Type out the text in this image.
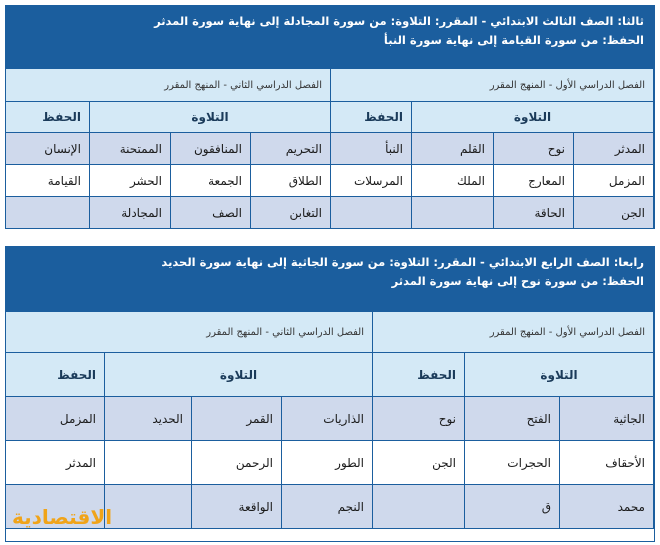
ثالثا: الصف الثالث الابتدائي - المقرر: التلاوة: من سورة المجادلة إلى نهاية سورة المدثر
الحفظ: من سورة القيامة إلى نهاية سورة النبأ
الفصل الدراسي الأول - المنهج المقرر				الفصل الدراسي الثاني - المنهج المقرر			
التلاوة			الحفظ	التلاوة			الحفظ
المدثر	نوح	القلم	النبأ	التحريم	المنافقون	الممتحنة	الإنسان
المزمل	المعارج	الملك	المرسلات	الطلاق	الجمعة	الحشر	القيامة
الجن	الحاقة			التغابن	الصف	المجادلة	
رابعا: الصف الرابع الابتدائي - المقرر: التلاوة: من سورة الجاثية إلى نهاية سورة الحديد
الحفظ: من سورة نوح إلى نهاية سورة المدثر
الفصل الدراسي الأول - المنهج المقرر			الفصل الدراسي الثاني - المنهج المقرر			
التلاوة		الحفظ	التلاوة			الحفظ
الجاثية	الفتح	نوح	الذاريات	القمر	الحديد	المزمل
الأحقاف	الحجرات	الجن	الطور	الرحمن		المدثر
محمد	ق		النجم	الواقعة		
الاقتصادية
